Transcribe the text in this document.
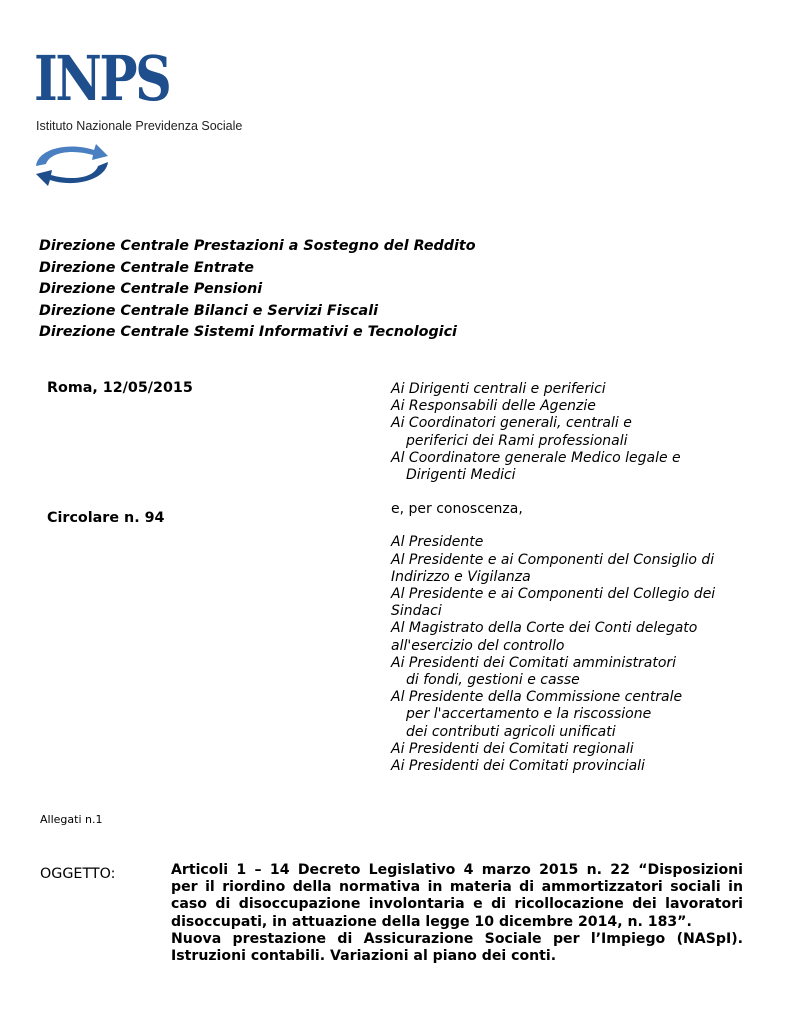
INPS
Istituto Nazionale Previdenza Sociale
Direzione Centrale Prestazioni a Sostegno del Reddito
Direzione Centrale Entrate
Direzione Centrale Pensioni
Direzione Centrale Bilanci e Servizi Fiscali
Direzione Centrale Sistemi Informativi e Tecnologici
Roma, 12/05/2015
Circolare n. 94
Ai Dirigenti centrali e periferici
Ai Responsabili delle Agenzie
Ai Coordinatori generali, centrali e
periferici dei Rami professionali
Al Coordinatore generale Medico legale e
Dirigenti Medici
e, per conoscenza,
Al Presidente
Al Presidente e ai Componenti del Consiglio di
Indirizzo e Vigilanza
Al Presidente e ai Componenti del Collegio dei
Sindaci
Al Magistrato della Corte dei Conti delegato
all'esercizio del controllo
Ai Presidenti dei Comitati amministratori
di fondi, gestioni e casse
Al Presidente della Commissione centrale
per l'accertamento e la riscossione
dei contributi agricoli unificati
Ai Presidenti dei Comitati regionali
Ai Presidenti dei Comitati provinciali
Allegati n.1
OGGETTO:	Articoli 1 – 14 Decreto Legislativo 4 marzo 2015 n. 22 “Disposizioni
per il riordino della normativa in materia di ammortizzatori sociali in
caso di disoccupazione involontaria e di ricollocazione dei lavoratori
disoccupati, in attuazione della legge 10 dicembre 2014, n. 183”.
Nuova prestazione di Assicurazione Sociale per l’Impiego (NASpI).
Istruzioni contabili. Variazioni al piano dei conti.
